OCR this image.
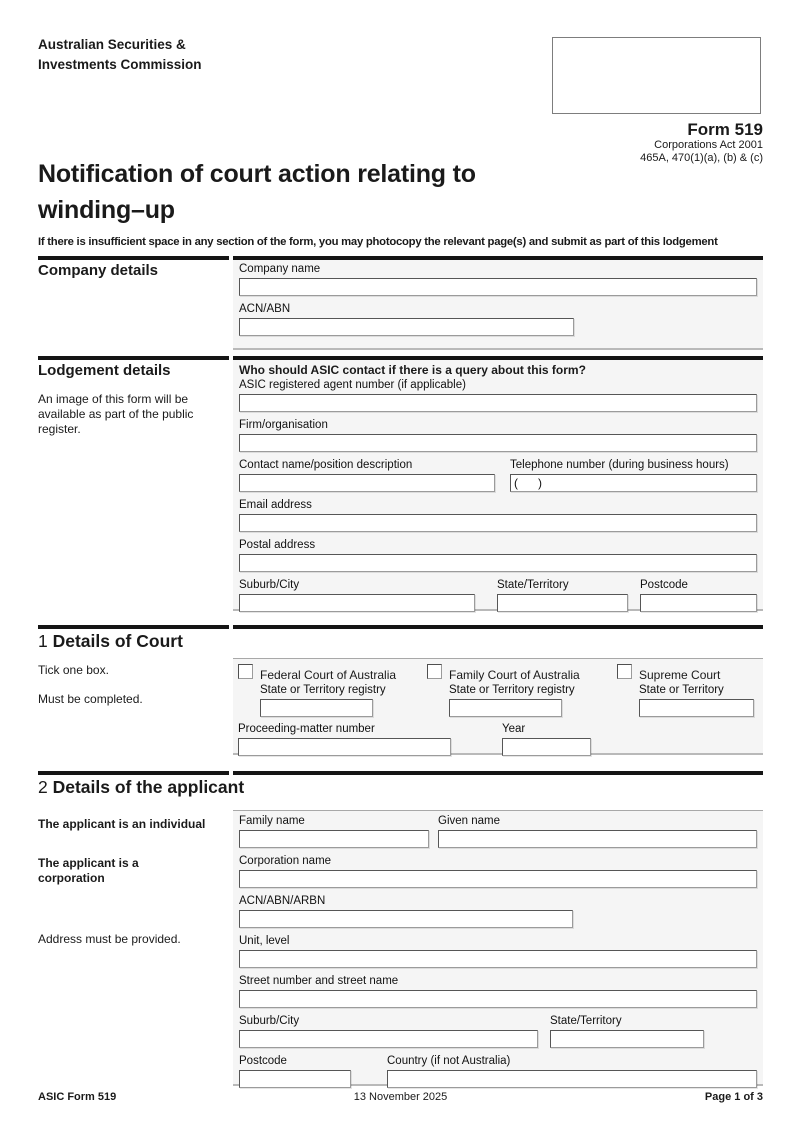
Australian Securities &
Investments Commission
Form 519
Corporations Act 2001
465A, 470(1)(a), (b) & (c)
Notification of court action relating to
winding–up
If there is insufficient space in any section of the form, you may photocopy the relevant page(s) and submit as part of this lodgement
Company details	Company name
ACN/ABN
Lodgement details
An image of this form will be available as part of the public register.
Who should ASIC contact if there is a query about this form?
ASIC registered agent number (if applicable)
Firm/organisation
Contact name/position description	Telephone number (during business hours)
( )
Email address
Postal address
Suburb/City	State/Territory	Postcode
1 Details of Court
Tick one box.
Must be completed.
Federal Court of Australia
State or Territory registry
Family Court of Australia
State or Territory registry
Supreme Court
State or Territory
Proceeding-matter number	Year
2 Details of the applicant
The applicant is an individual
The applicant is a corporation
Address must be provided.
Family name	Given name
Corporation name
ACN/ABN/ARBN
Unit, level
Street number and street name
Suburb/City	State/Territory
Postcode	Country (if not Australia)
ASIC Form 519	13 November 2025	Page 1 of 3
